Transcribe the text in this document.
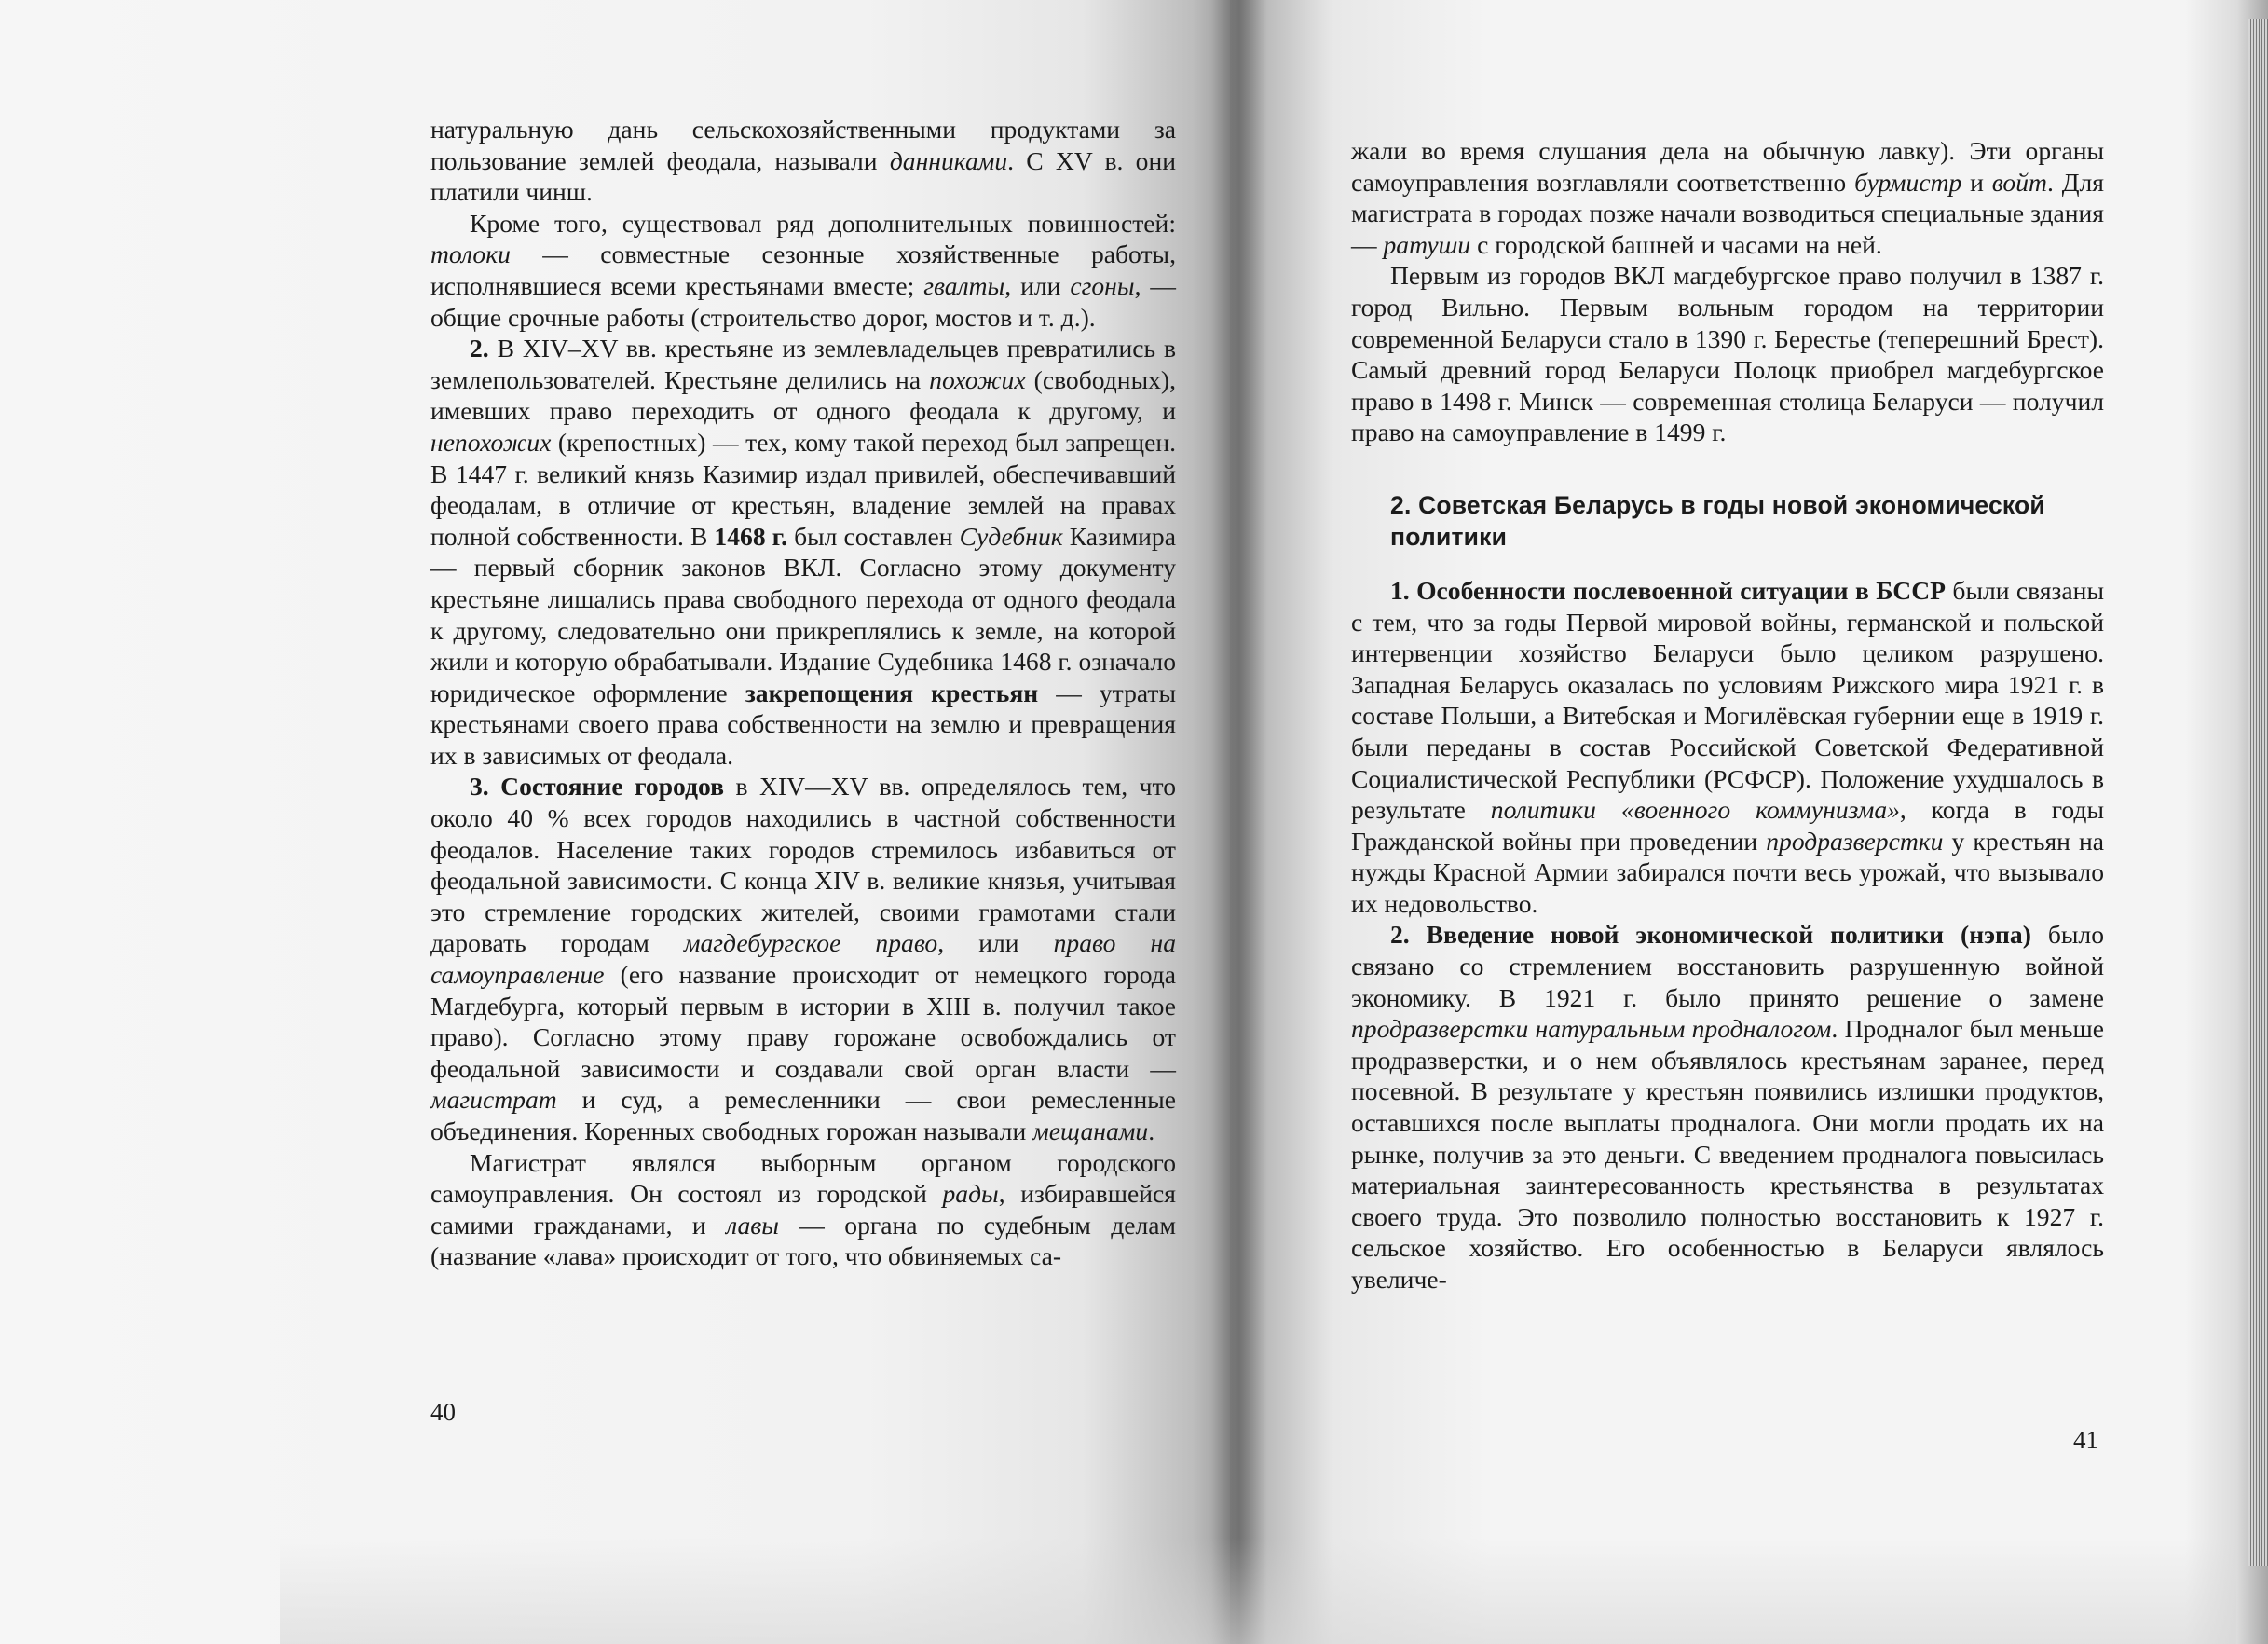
натуральную дань сельскохозяйственными продуктами за пользование землей феодала, называли данниками. С XV в. они платили чинш.

Кроме того, существовал ряд дополнительных повинностей: толоки — совместные сезонные хозяйственные работы, исполнявшиеся всеми крестьянами вместе; гвалты, или сгоны, — общие срочные работы (строительство дорог, мостов и т. д.).

2. В XIV–XV вв. крестьяне из землевладельцев превратились в землепользователей. Крестьяне делились на похожих (свободных), имевших право переходить от одного феодала к другому, и непохожих (крепостных) — тех, кому такой переход был запрещен. В 1447 г. великий князь Казимир издал привилей, обеспечивавший феодалам, в отличие от крестьян, владение землей на правах полной собственности. В 1468 г. был составлен Судебник Казимира — первый сборник законов ВКЛ. Согласно этому документу крестьяне лишались права свободного перехода от одного феодала к другому, следовательно они прикреплялись к земле, на которой жили и которую обрабатывали. Издание Судебника 1468 г. означало юридическое оформление закрепощения крестьян — утраты крестьянами своего права собственности на землю и превращения их в зависимых от феодала.

3. Состояние городов в XIV—XV вв. определялось тем, что около 40 % всех городов находились в частной собственности феодалов. Население таких городов стремилось избавиться от феодальной зависимости. С конца XIV в. великие князья, учитывая это стремление городских жителей, своими грамотами стали даровать городам магдебургское право, или право на самоуправление (его название происходит от немецкого города Магдебурга, который первым в истории в XIII в. получил такое право). Согласно этому праву горожане освобождались от феодальной зависимости и создавали свой орган власти — магистрат и суд, а ремесленники — свои ремесленные объединения. Коренных свободных горожан называли мещанами.

Магистрат являлся выборным органом городского самоуправления. Он состоял из городской рады, избиравшейся самими гражданами, и лавы — органа по судебным делам (название «лава» происходит от того, что обвиняемых са-

40

жали во время слушания дела на обычную лавку). Эти органы самоуправления возглавляли соответственно бурмистр и войт. Для магистрата в городах позже начали возводиться специальные здания — ратуши с городской башней и часами на ней.

Первым из городов ВКЛ магдебургское право получил в 1387 г. город Вильно. Первым вольным городом на территории современной Беларуси стало в 1390 г. Берестье (теперешний Брест). Самый древний город Беларуси Полоцк приобрел магдебургское право в 1498 г. Минск — современная столица Беларуси — получил право на самоуправление в 1499 г.

2. Советская Беларусь в годы новой экономической политики

1. Особенности послевоенной ситуации в БССР были связаны с тем, что за годы Первой мировой войны, германской и польской интервенции хозяйство Беларуси было целиком разрушено. Западная Беларусь оказалась по условиям Рижского мира 1921 г. в составе Польши, а Витебская и Могилёвская губернии еще в 1919 г. были переданы в состав Российской Советской Федеративной Социалистической Республики (РСФСР). Положение ухудшалось в результате политики «военного коммунизма», когда в годы Гражданской войны при проведении продразверстки у крестьян на нужды Красной Армии забирался почти весь урожай, что вызывало их недовольство.

2. Введение новой экономической политики (нэпа) было связано со стремлением восстановить разрушенную войной экономику. В 1921 г. было принято решение о замене продразверстки натуральным продналогом. Продналог был меньше продразверстки, и о нем объявлялось крестьянам заранее, перед посевной. В результате у крестьян появились излишки продуктов, оставшихся после выплаты продналога. Они могли продать их на рынке, получив за это деньги. С введением продналога повысилась материальная заинтересованность крестьянства в результатах своего труда. Это позволило полностью восстановить к 1927 г. сельское хозяйство. Его особенностью в Беларуси являлось увеличе-

41
